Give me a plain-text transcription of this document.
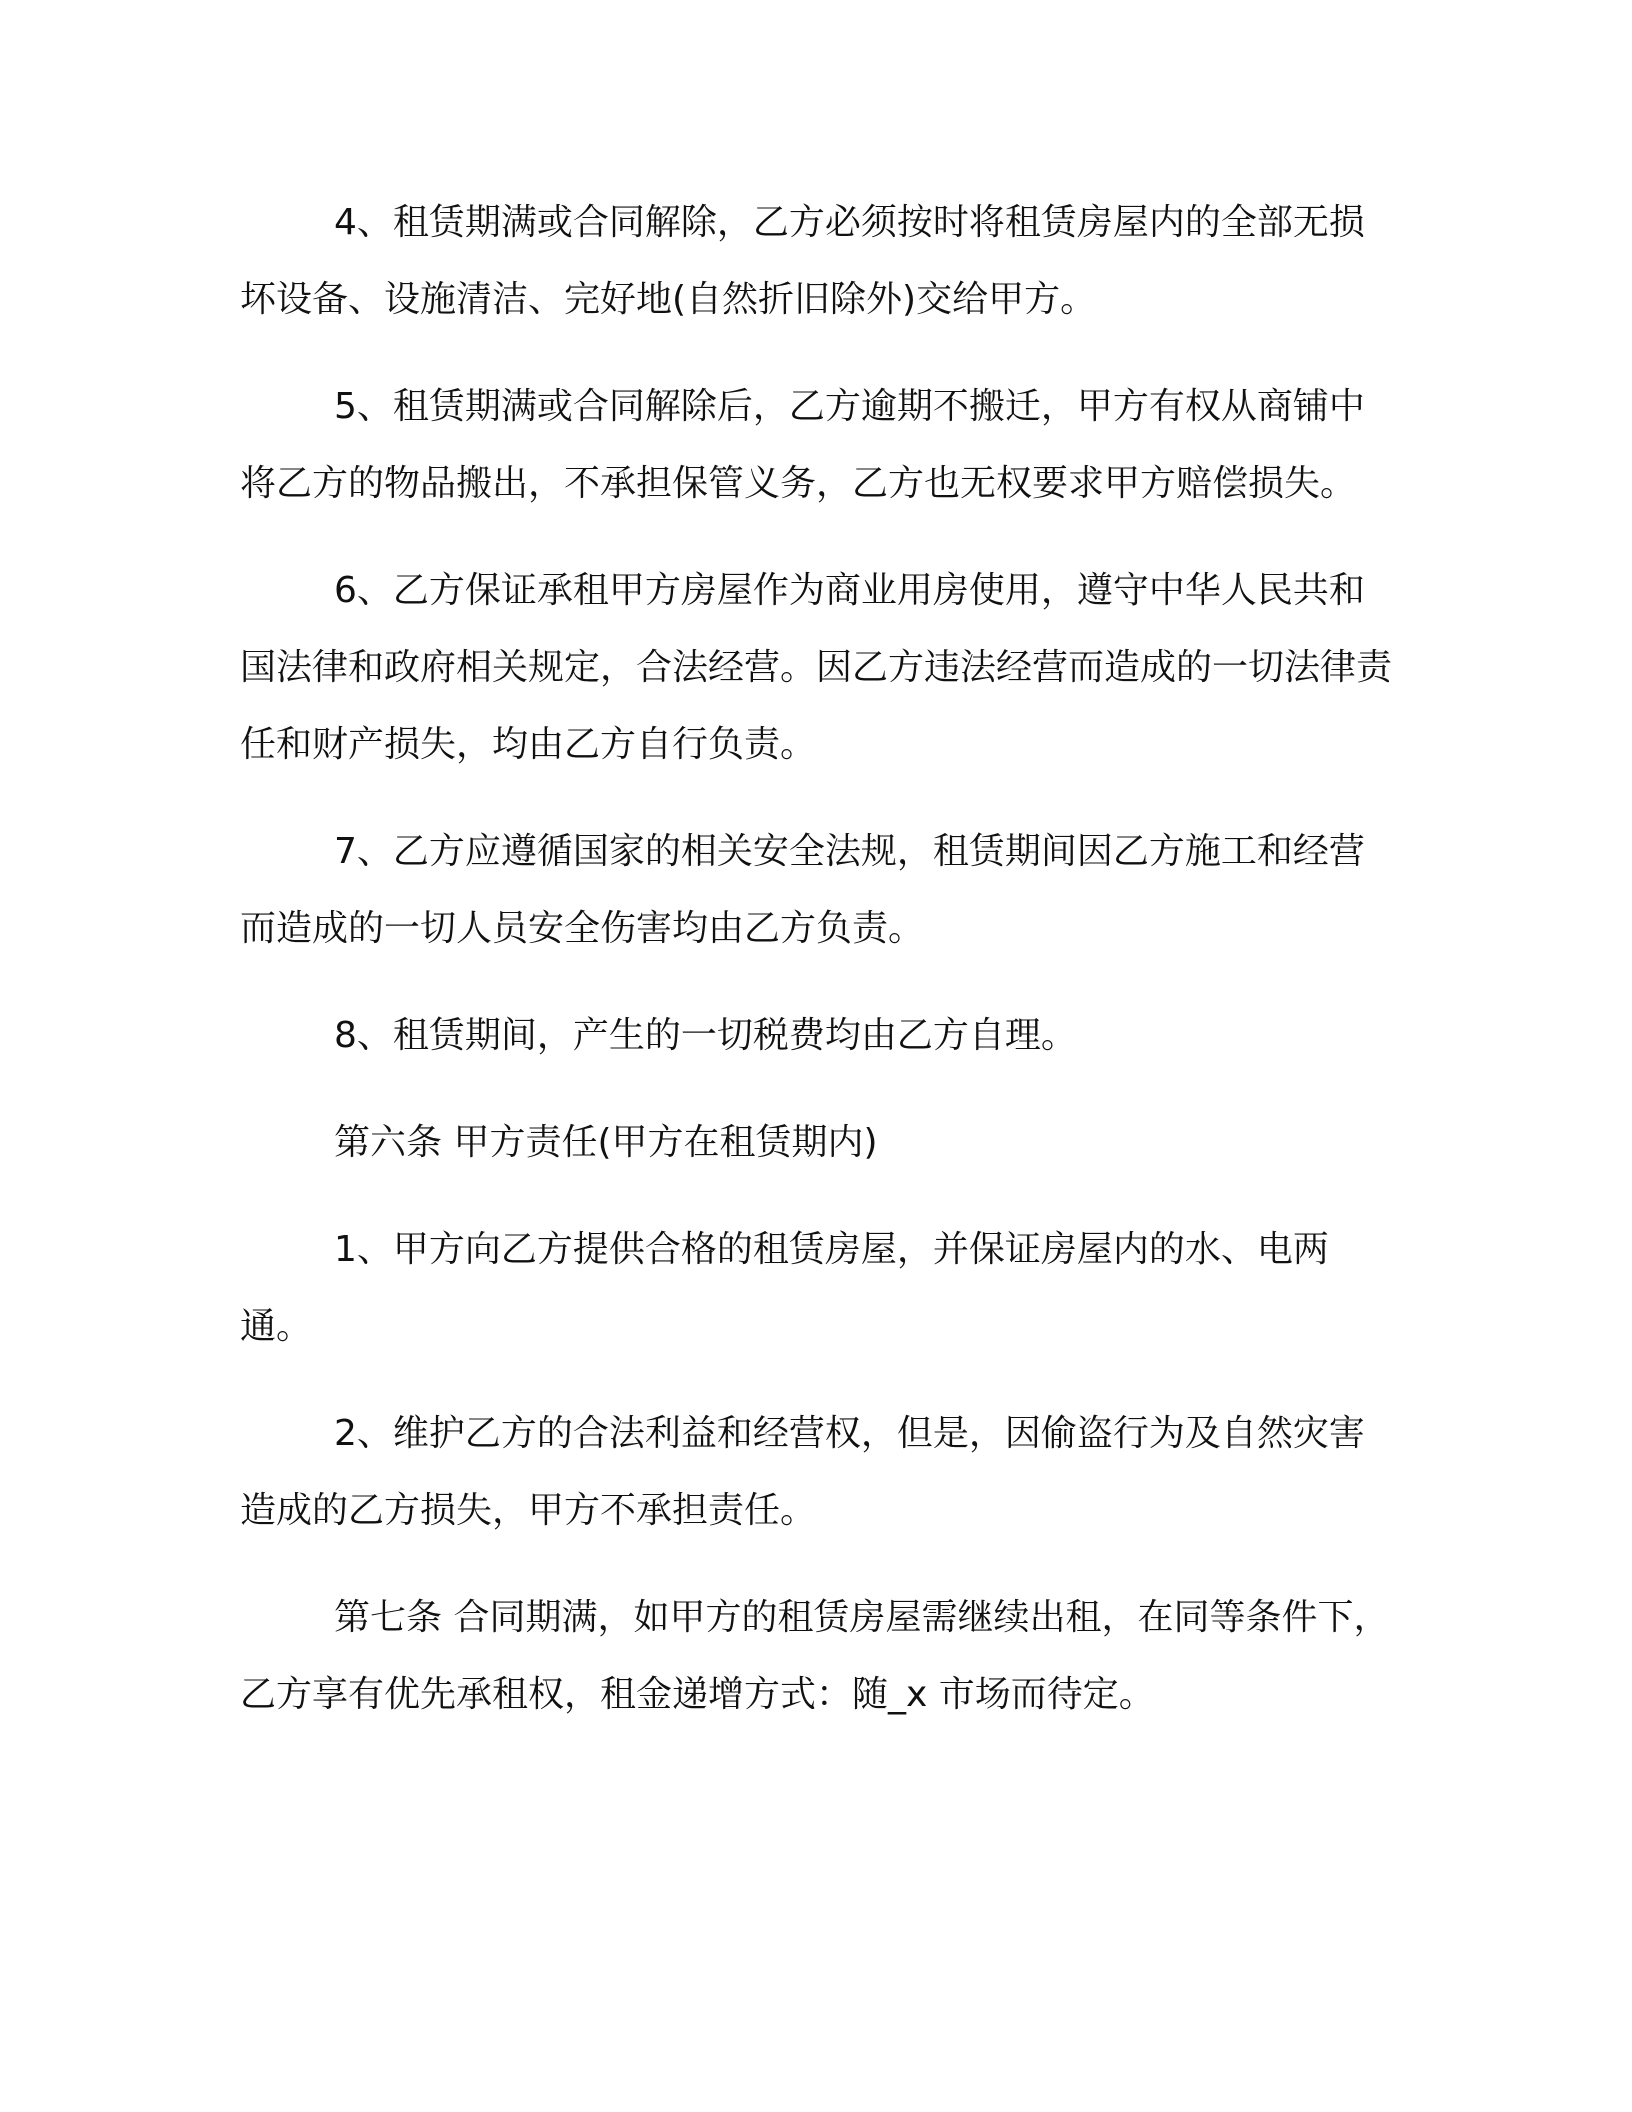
4、租赁期满或合同解除，乙方必须按时将租赁房屋内的全部无损坏设备、设施清洁、完好地(自然折旧除外)交给甲方。

5、租赁期满或合同解除后，乙方逾期不搬迁，甲方有权从商铺中将乙方的物品搬出，不承担保管义务，乙方也无权要求甲方赔偿损失。

6、乙方保证承租甲方房屋作为商业用房使用，遵守中华人民共和国法律和政府相关规定，合法经营。因乙方违法经营而造成的一切法律责任和财产损失，均由乙方自行负责。

7、乙方应遵循国家的相关安全法规，租赁期间因乙方施工和经营而造成的一切人员安全伤害均由乙方负责。

8、租赁期间，产生的一切税费均由乙方自理。

第六条 甲方责任(甲方在租赁期内)

1、甲方向乙方提供合格的租赁房屋，并保证房屋内的水、电两通。

2、维护乙方的合法利益和经营权，但是，因偷盗行为及自然灾害造成的乙方损失，甲方不承担责任。

第七条 合同期满，如甲方的租赁房屋需继续出租，在同等条件下，乙方享有优先承租权，租金递增方式：随_x 市场而待定。
